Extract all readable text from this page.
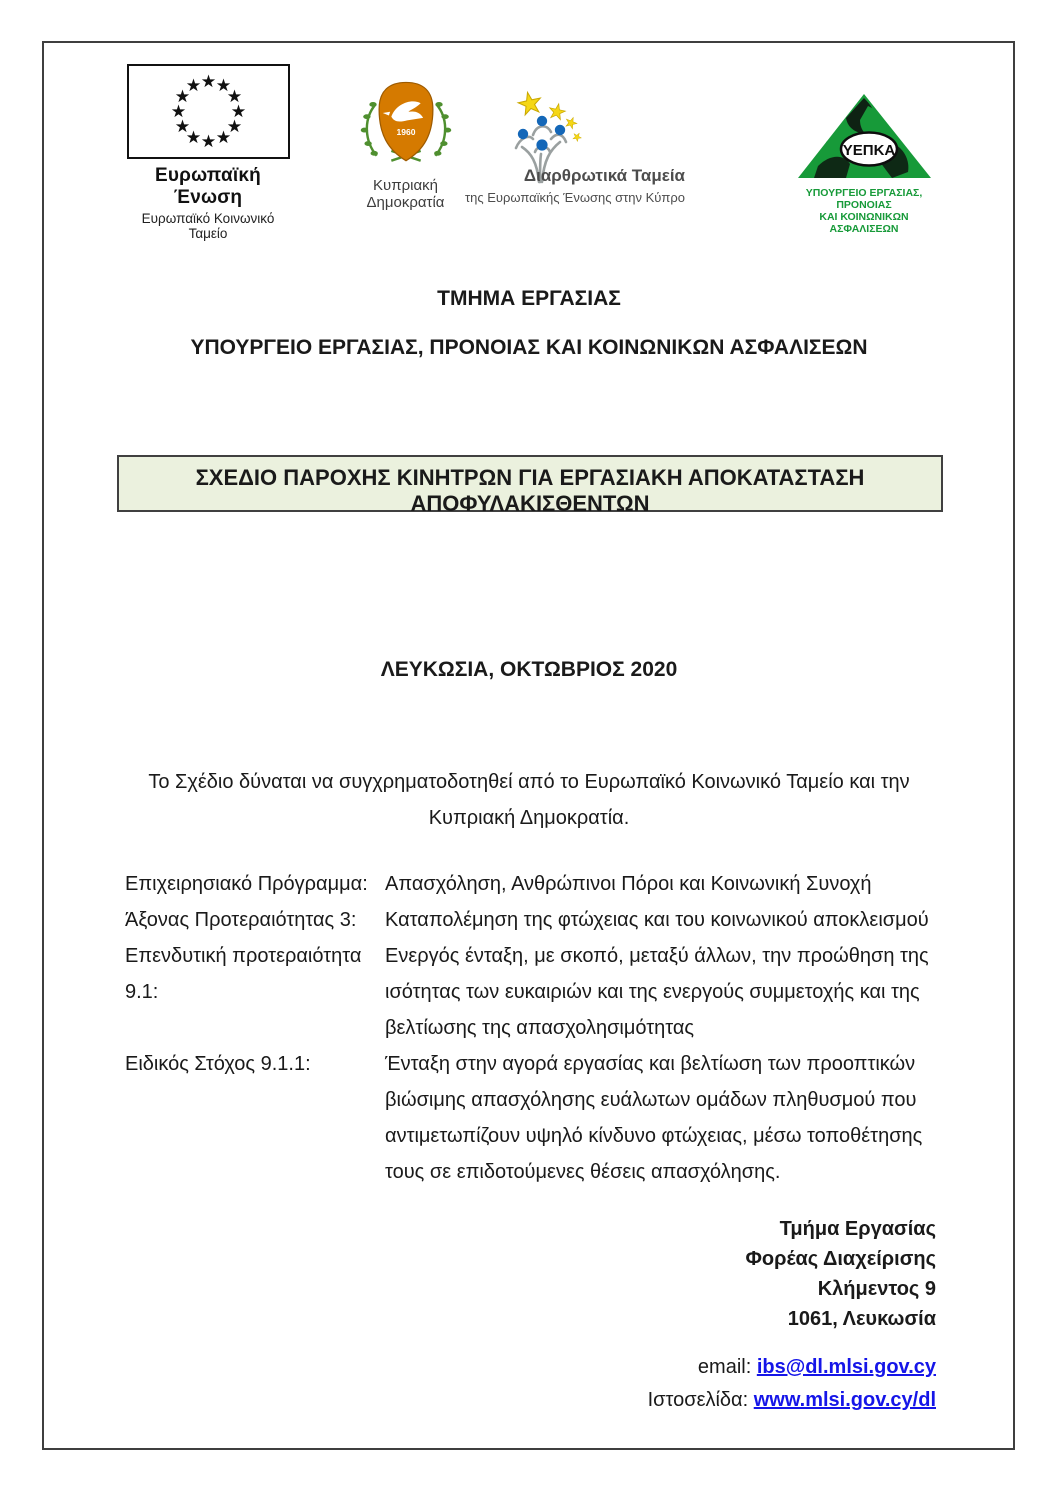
Ευρωπαϊκή Ένωση
Ευρωπαϊκό Κοινωνικό Ταμείο
1960
Κυπριακή Δημοκρατία
Διαρθρωτικά Ταμεία
της Ευρωπαϊκής Ένωσης στην Κύπρο
ΥΕΠΚΑ
ΥΠΟΥΡΓΕΙΟ ΕΡΓΑΣΙΑΣ, ΠΡΟΝΟΙΑΣ
ΚΑΙ ΚΟΙΝΩΝΙΚΩΝ ΑΣΦΑΛΙΣΕΩΝ
ΤΜΗΜΑ ΕΡΓΑΣΙΑΣ
ΥΠΟΥΡΓΕΙΟ ΕΡΓΑΣΙΑΣ, ΠΡΟΝΟΙΑΣ ΚΑΙ ΚΟΙΝΩΝΙΚΩΝ ΑΣΦΑΛΙΣΕΩΝ
ΣΧΕΔΙΟ ΠΑΡΟΧΗΣ ΚΙΝΗΤΡΩΝ ΓΙΑ ΕΡΓΑΣΙΑΚΗ ΑΠΟΚΑΤΑΣΤΑΣΗ ΑΠΟΦΥΛΑΚΙΣΘΕΝΤΩΝ
ΛΕΥΚΩΣΙΑ, ΟΚΤΩΒΡΙΟΣ 2020
Το Σχέδιο δύναται να συγχρηματοδοτηθεί από το Ευρωπαϊκό Κοινωνικό Ταμείο και την Κυπριακή Δημοκρατία.
Επιχειρησιακό Πρόγραμμα: Απασχόληση, Ανθρώπινοι Πόροι και Κοινωνική Συνοχή
Άξονας Προτεραιότητας 3:	Καταπολέμηση της φτώχειας και του κοινωνικού αποκλεισμού
Επενδυτική προτεραιότητα 9.1:
Ενεργός ένταξη, με σκοπό, μεταξύ άλλων, την προώθηση της ισότητας των ευκαιριών και της ενεργούς συμμετοχής και της βελτίωσης της απασχολησιμότητας
Ειδικός Στόχος 9.1.1:	Ένταξη στην αγορά εργασίας και βελτίωση των προοπτικών βιώσιμης απασχόλησης ευάλωτων ομάδων πληθυσμού που αντιμετωπίζουν υψηλό κίνδυνο φτώχειας, μέσω τοποθέτησης τους σε επιδοτούμενες θέσεις απασχόλησης.
Τμήμα Εργασίας
Φορέας Διαχείρισης
Κλήμεντος 9
1061, Λευκωσία
email: ibs@dl.mlsi.gov.cy
Ιστοσελίδα: www.mlsi.gov.cy/dl
